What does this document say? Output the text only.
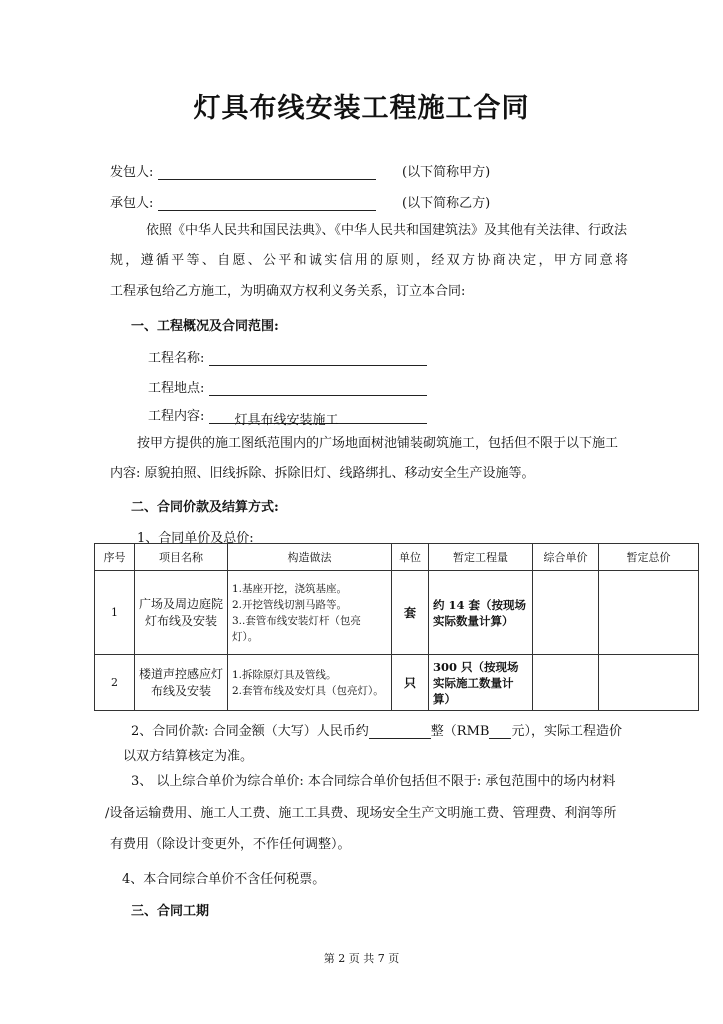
灯具布线安装工程施工合同
发包人:	(以下简称甲方)
承包人:	(以下简称乙方)
依照《中华人民共和国民法典》、《中华人民共和国建筑法》及其他有关法律、行政法
规，遵循平等、自愿、公平和诚实信用的原则，经双方协商决定，甲方同意将
工程承包给乙方施工，为明确双方权利义务关系，订立本合同:
一、工程概况及合同范围:
工程名称:
工程地点:
工程内容: 灯具布线安装施工
按甲方提供的施工图纸范围内的广场地面树池铺装砌筑施工，包括但不限于以下施工
内容: 原貌拍照、旧线拆除、拆除旧灯、线路绑扎、移动安全生产设施等。
二、合同价款及结算方式:
1、合同单价及总价:
序号	项目名称	构造做法	单位	暂定工程量	综合单价	暂定总价
1	广场及周边庭院灯布线及安装	1.基座开挖，浇筑基座。
2.开挖管线切割马路等。
3..套管布线安装灯杆（包亮灯）。	套	约 14 套（按现场实际数量计算）		
2	楼道声控感应灯布线及安装	1.拆除原灯具及管线。
2.套管布线及安灯具（包亮灯）。	只	300 只（按现场实际施工数量计算）		
2、合同价款: 合同金额（大写）人民币约	整（RMB 元），实际工程造价
以双方结算核定为准。
3、 以上综合单价为综合单价: 本合同综合单价包括但不限于: 承包范围中的场内材料
/设备运输费用、施工人工费、施工工具费、现场安全生产文明施工费、管理费、利润等所
有费用（除设计变更外，不作任何调整）。
4、本合同综合单价不含任何税票。
三、合同工期
第 2 页 共 7 页
